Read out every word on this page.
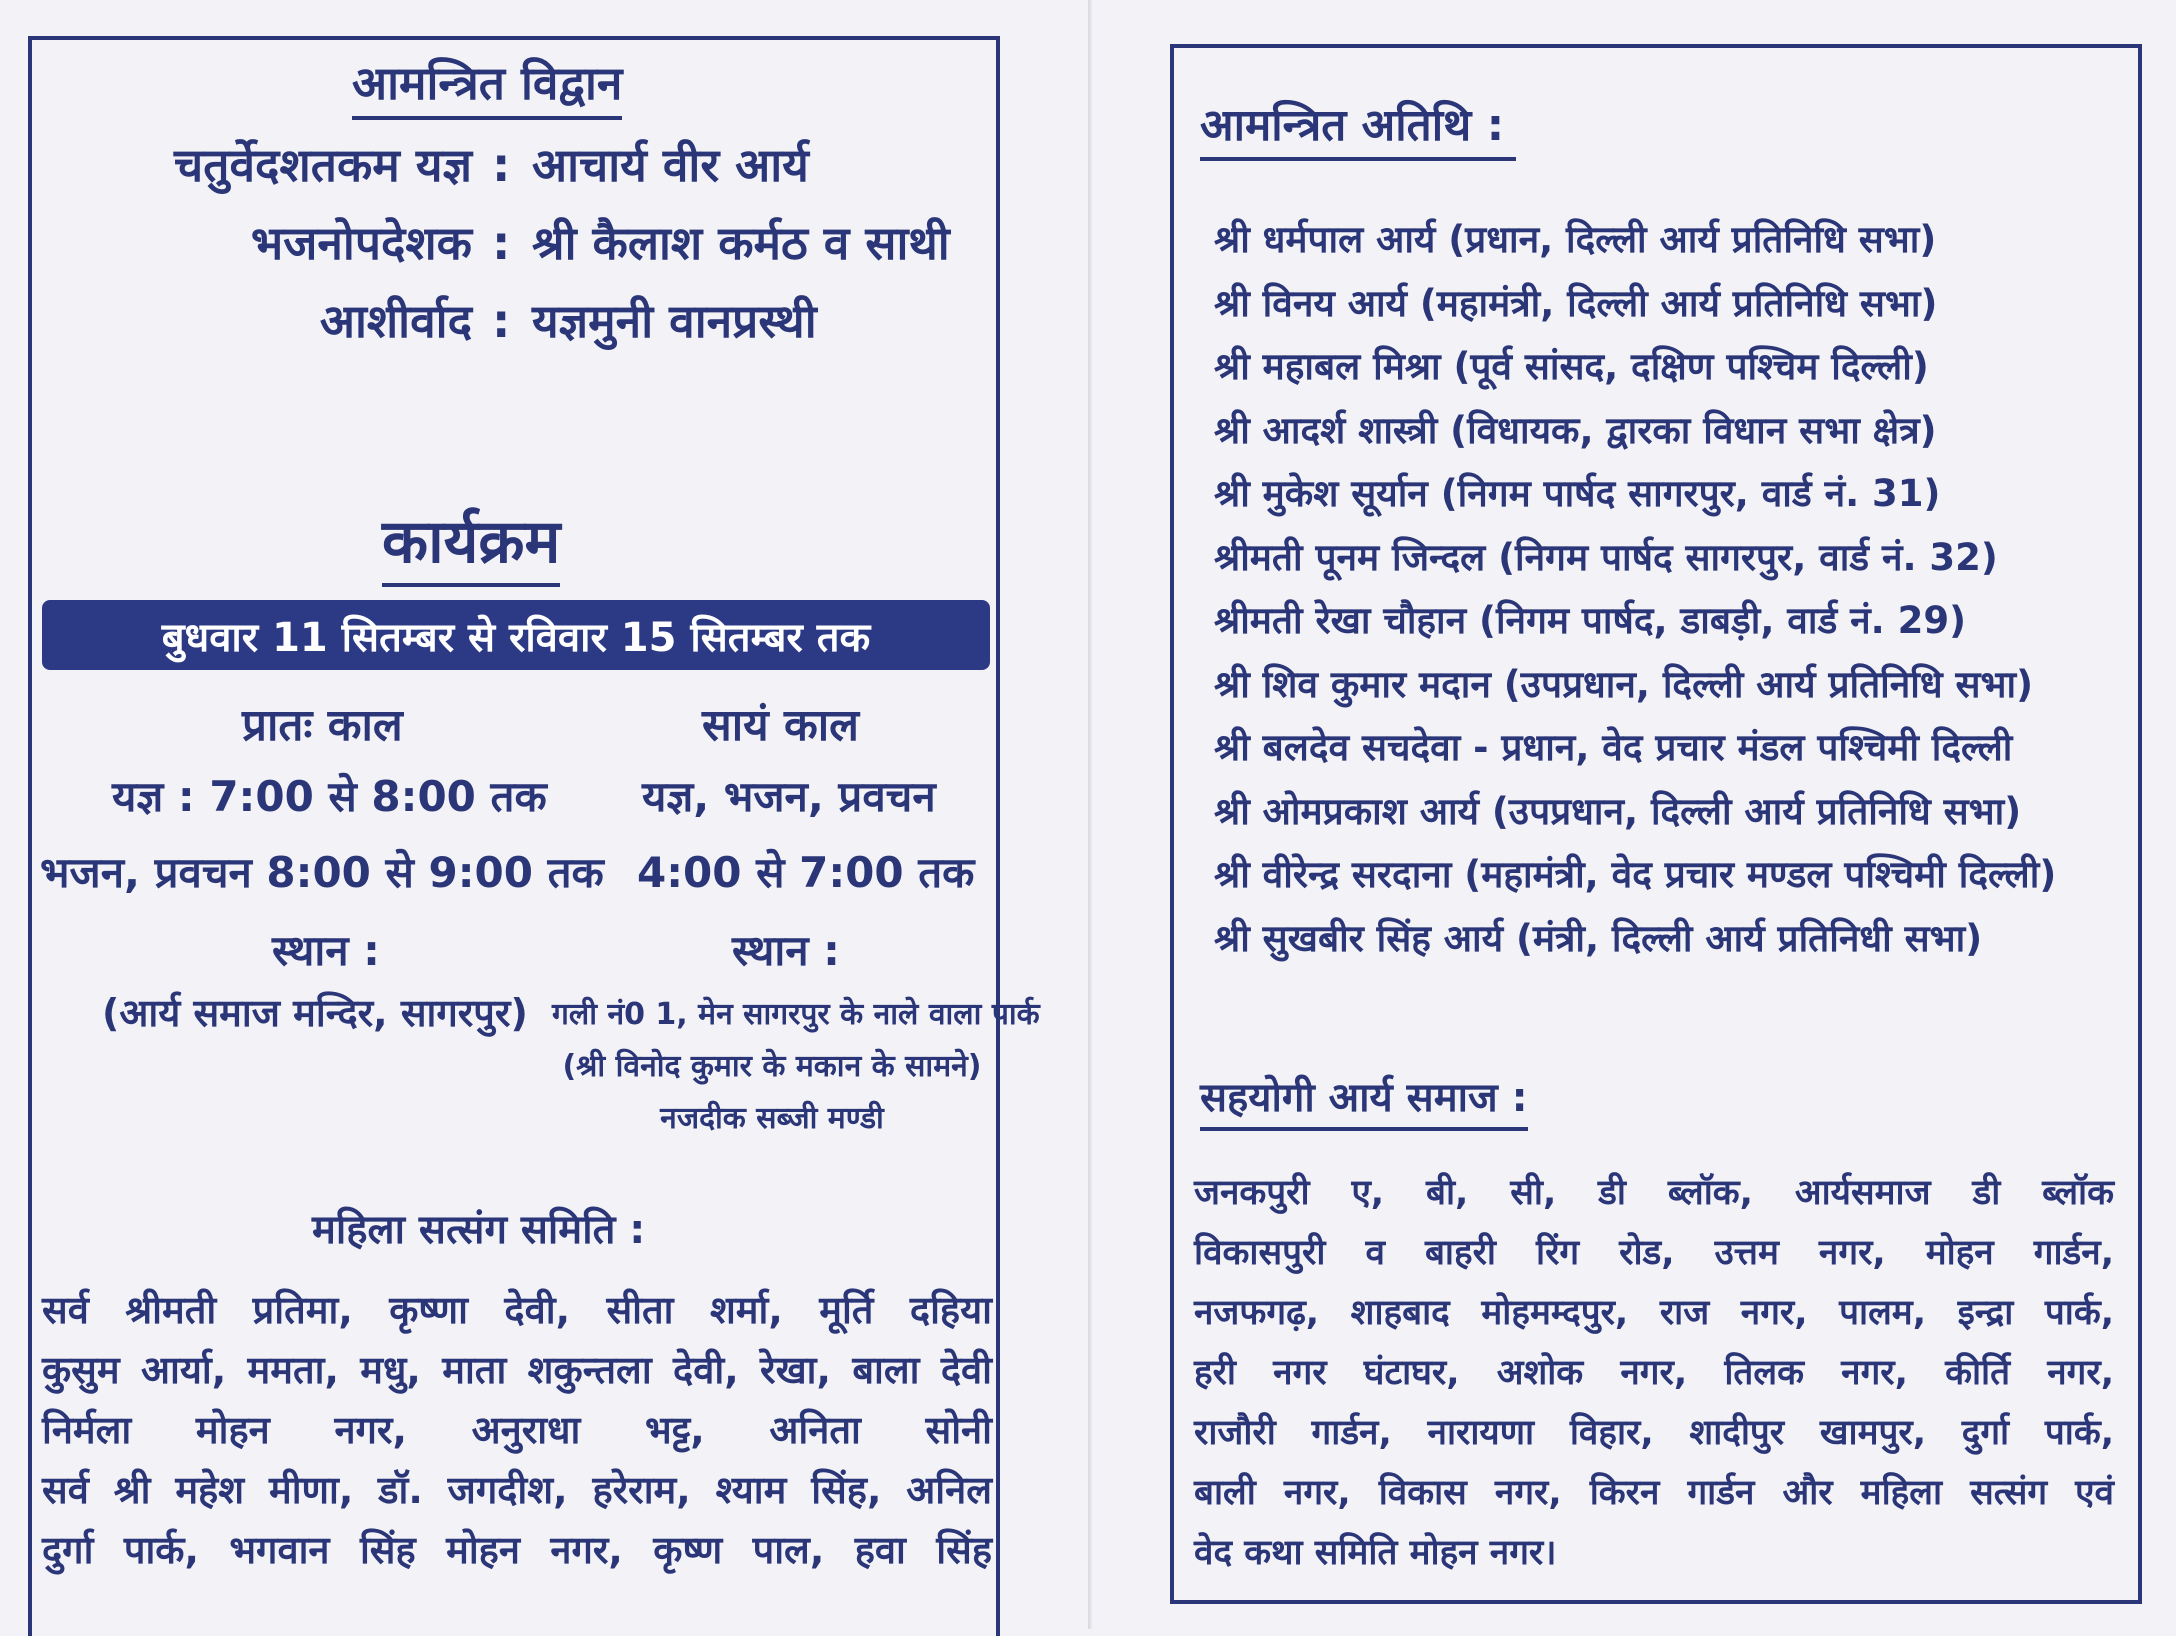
आमन्त्रित विद्वान
चतुर्वेदशतकम यज्ञ : आचार्य वीर आर्य
भजनोपदेशक : श्री कैलाश कर्मठ व साथी
आशीर्वाद : यज्ञमुनी वानप्रस्थी
कार्यक्रम
बुधवार 11 सितम्बर से रविवार 15 सितम्बर तक
प्रातः काल
यज्ञ : 7:00 से 8:00 तक
भजन, प्रवचन 8:00 से 9:00 तक
स्थान :
(आर्य समाज मन्दिर, सागरपुर)
सायं काल
यज्ञ, भजन, प्रवचन
4:00 से 7:00 तक
स्थान :
गली नं0 1, मेन सागरपुर के नाले वाला पार्क
(श्री विनोद कुमार के मकान के सामने)
नजदीक सब्जी मण्डी
महिला सत्संग समिति :
सर्व श्रीमती प्रतिमा, कृष्णा देवी, सीता शर्मा, मूर्ति दहिया
कुसुम आर्या, ममता, मधु, माता शकुन्तला देवी, रेखा, बाला देवी
निर्मला मोहन नगर, अनुराधा भट्ट, अनिता सोनी
सर्व श्री महेश मीणा, डॉ. जगदीश, हरेराम, श्याम सिंह, अनिल
दुर्गा पार्क, भगवान सिंह मोहन नगर, कृष्ण पाल, हवा सिंह
आमन्त्रित अतिथि :
श्री धर्मपाल आर्य (प्रधान, दिल्ली आर्य प्रतिनिधि सभा)
श्री विनय आर्य (महामंत्री, दिल्ली आर्य प्रतिनिधि सभा)
श्री महाबल मिश्रा (पूर्व सांसद, दक्षिण पश्चिम दिल्ली)
श्री आदर्श शास्त्री (विधायक, द्वारका विधान सभा क्षेत्र)
श्री मुकेश सूर्यान (निगम पार्षद सागरपुर, वार्ड नं. 31)
श्रीमती पूनम जिन्दल (निगम पार्षद सागरपुर, वार्ड नं. 32)
श्रीमती रेखा चौहान (निगम पार्षद, डाबड़ी, वार्ड नं. 29)
श्री शिव कुमार मदान (उपप्रधान, दिल्ली आर्य प्रतिनिधि सभा)
श्री बलदेव सचदेवा - प्रधान, वेद प्रचार मंडल पश्चिमी दिल्ली
श्री ओमप्रकाश आर्य (उपप्रधान, दिल्ली आर्य प्रतिनिधि सभा)
श्री वीरेन्द्र सरदाना (महामंत्री, वेद प्रचार मण्डल पश्चिमी दिल्ली)
श्री सुखबीर सिंह आर्य (मंत्री, दिल्ली आर्य प्रतिनिधी सभा)
सहयोगी आर्य समाज :
जनकपुरी ए, बी, सी, डी ब्लॉक, आर्यसमाज डी ब्लॉक
विकासपुरी व बाहरी रिंग रोड, उत्तम नगर, मोहन गार्डन,
नजफगढ़, शाहबाद मोहमम्दपुर, राज नगर, पालम, इन्द्रा पार्क,
हरी नगर घंटाघर, अशोक नगर, तिलक नगर, कीर्ति नगर,
राजौरी गार्डन, नारायणा विहार, शादीपुर खामपुर, दुर्गा पार्क,
बाली नगर, विकास नगर, किरन गार्डन और महिला सत्संग एवं
वेद कथा समिति मोहन नगर।
